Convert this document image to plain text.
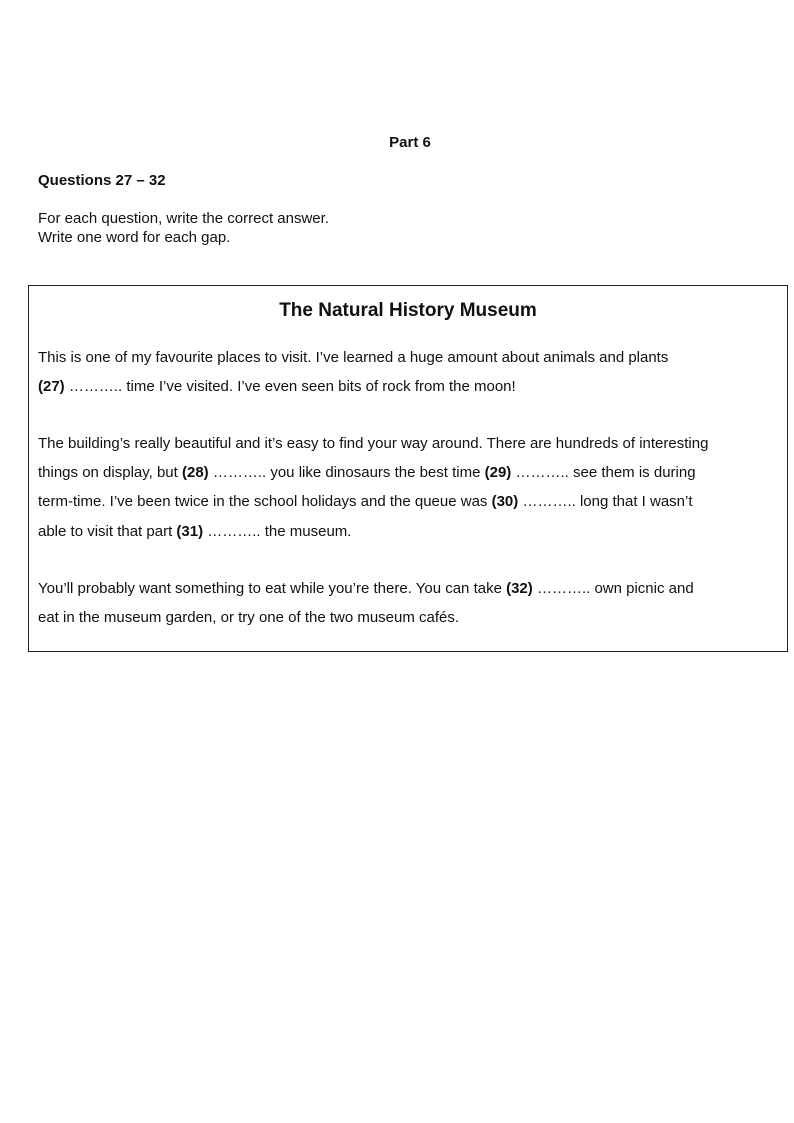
Part 6
Questions 27 – 32
For each question, write the correct answer.
Write one word for each gap.
The Natural History Museum
This is one of my favourite places to visit. I’ve learned a huge amount about animals and plants
(27) ……….. time I’ve visited. I’ve even seen bits of rock from the moon!
The building’s really beautiful and it’s easy to find your way around. There are hundreds of interesting
things on display, but (28) ……….. you like dinosaurs the best time (29) ……….. see them is during
term-time. I’ve been twice in the school holidays and the queue was (30) ……….. long that I wasn’t
able to visit that part (31) ……….. the museum.
You’ll probably want something to eat while you’re there. You can take (32) ……….. own picnic and
eat in the museum garden, or try one of the two museum cafés.
